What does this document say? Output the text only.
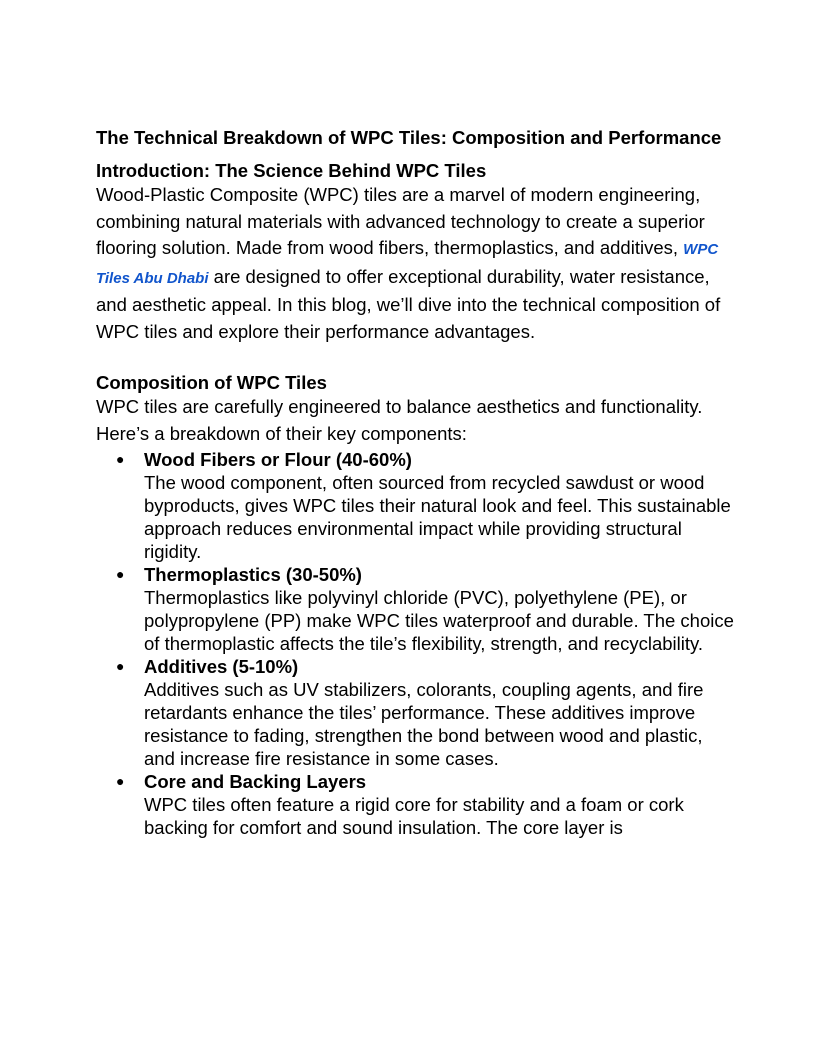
The Technical Breakdown of WPC Tiles: Composition and Performance
Introduction: The Science Behind WPC Tiles

Wood-Plastic Composite (WPC) tiles are a marvel of modern engineering, combining natural materials with advanced technology to create a superior flooring solution. Made from wood fibers, thermoplastics, and additives, WPC Tiles Abu Dhabi are designed to offer exceptional durability, water resistance, and aesthetic appeal. In this blog, we’ll dive into the technical composition of WPC tiles and explore their performance advantages.

Composition of WPC Tiles

WPC tiles are carefully engineered to balance aesthetics and functionality. Here’s a breakdown of their key components:

● Wood Fibers or Flour (40-60%)
The wood component, often sourced from recycled sawdust or wood byproducts, gives WPC tiles their natural look and feel. This sustainable approach reduces environmental impact while providing structural rigidity.
● Thermoplastics (30-50%)
Thermoplastics like polyvinyl chloride (PVC), polyethylene (PE), or polypropylene (PP) make WPC tiles waterproof and durable. The choice of thermoplastic affects the tile’s flexibility, strength, and recyclability.
● Additives (5-10%)
Additives such as UV stabilizers, colorants, coupling agents, and fire retardants enhance the tiles’ performance. These additives improve resistance to fading, strengthen the bond between wood and plastic, and increase fire resistance in some cases.
● Core and Backing Layers
WPC tiles often feature a rigid core for stability and a foam or cork backing for comfort and sound insulation. The core layer is
